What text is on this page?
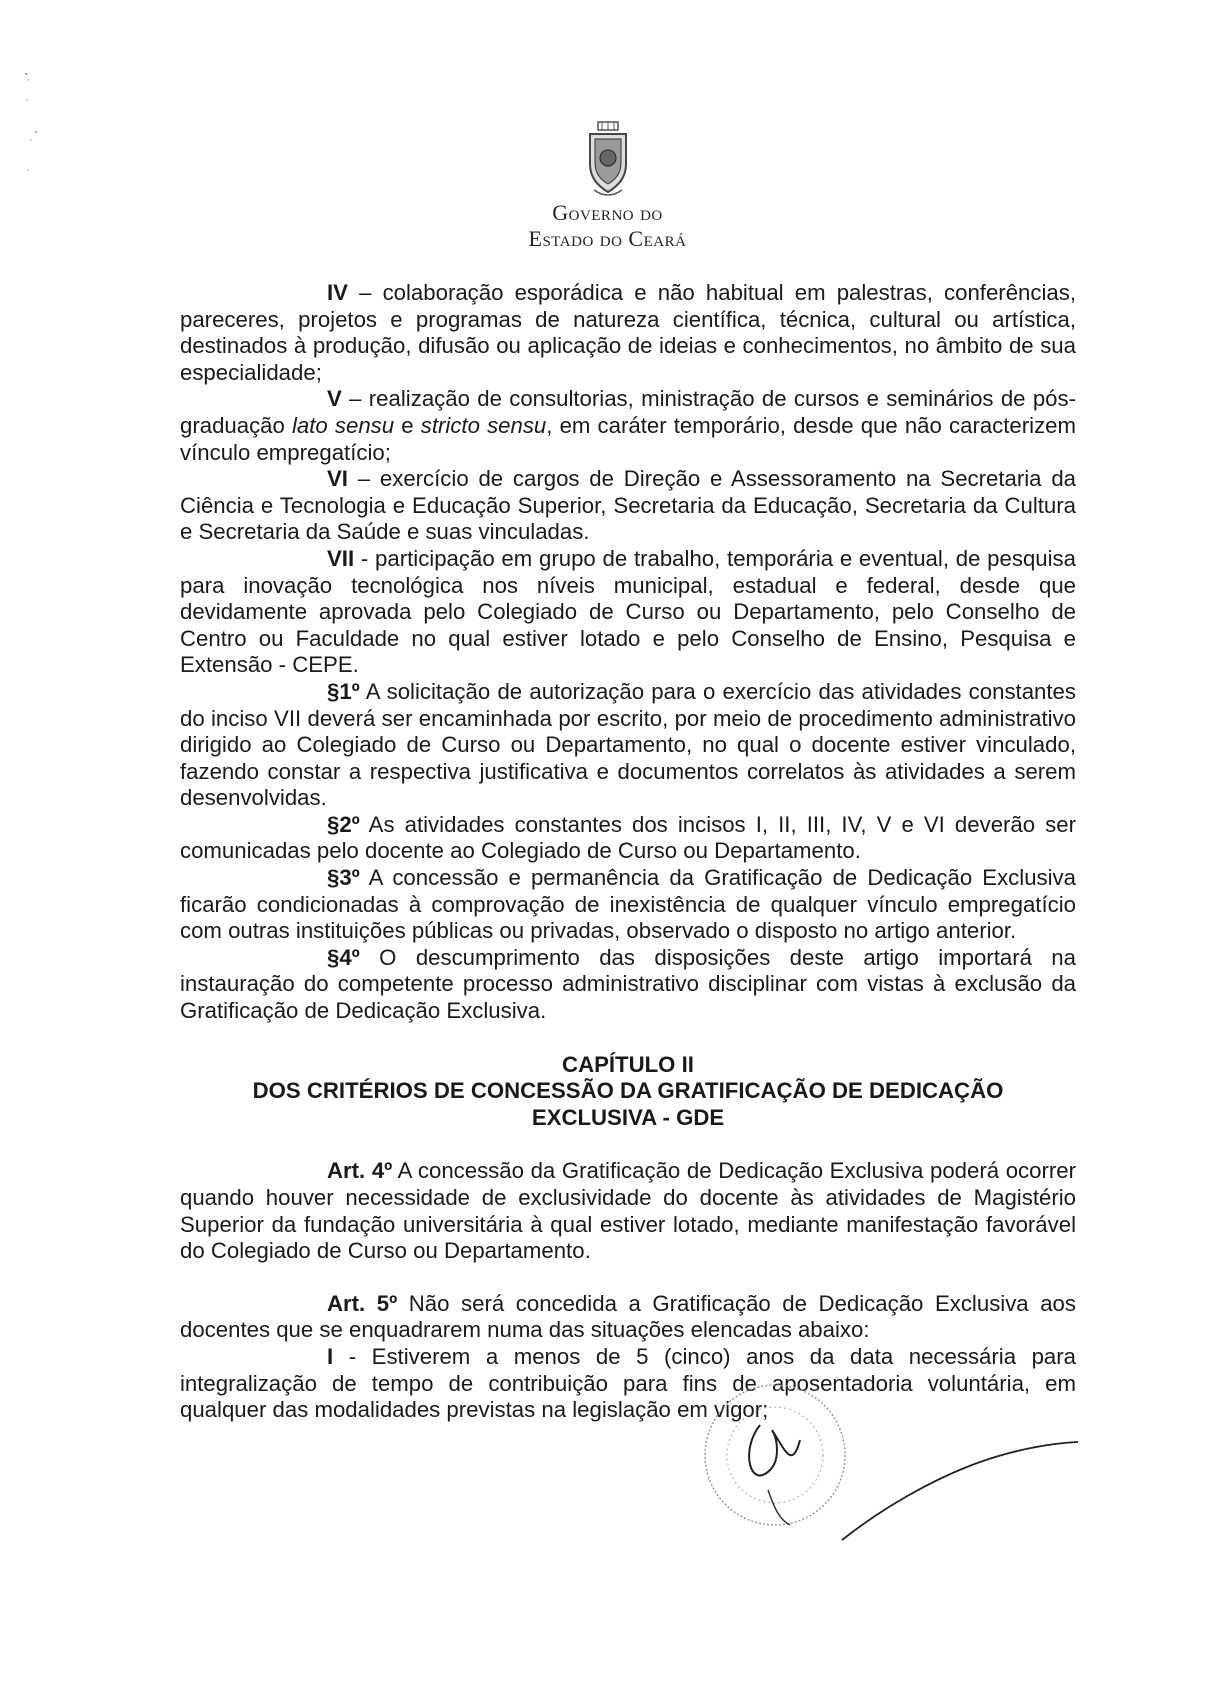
Governo do
Estado do Ceará

IV – colaboração esporádica e não habitual em palestras, conferências, pareceres, projetos e programas de natureza científica, técnica, cultural ou artística, destinados à produção, difusão ou aplicação de ideias e conhecimentos, no âmbito de sua especialidade;

V – realização de consultorias, ministração de cursos e seminários de pós-graduação lato sensu e stricto sensu, em caráter temporário, desde que não caracterizem vínculo empregatício;

VI – exercício de cargos de Direção e Assessoramento na Secretaria da Ciência e Tecnologia e Educação Superior, Secretaria da Educação, Secretaria da Cultura e Secretaria da Saúde e suas vinculadas.

VII - participação em grupo de trabalho, temporária e eventual, de pesquisa para inovação tecnológica nos níveis municipal, estadual e federal, desde que devidamente aprovada pelo Colegiado de Curso ou Departamento, pelo Conselho de Centro ou Faculdade no qual estiver lotado e pelo Conselho de Ensino, Pesquisa e Extensão - CEPE.

§1º A solicitação de autorização para o exercício das atividades constantes do inciso VII deverá ser encaminhada por escrito, por meio de procedimento administrativo dirigido ao Colegiado de Curso ou Departamento, no qual o docente estiver vinculado, fazendo constar a respectiva justificativa e documentos correlatos às atividades a serem desenvolvidas.

§2º As atividades constantes dos incisos I, II, III, IV, V e VI deverão ser comunicadas pelo docente ao Colegiado de Curso ou Departamento.

§3º A concessão e permanência da Gratificação de Dedicação Exclusiva ficarão condicionadas à comprovação de inexistência de qualquer vínculo empregatício com outras instituições públicas ou privadas, observado o disposto no artigo anterior.

§4º O descumprimento das disposições deste artigo importará na instauração do competente processo administrativo disciplinar com vistas à exclusão da Gratificação de Dedicação Exclusiva.

CAPÍTULO II
DOS CRITÉRIOS DE CONCESSÃO DA GRATIFICAÇÃO DE DEDICAÇÃO
EXCLUSIVA - GDE

Art. 4º A concessão da Gratificação de Dedicação Exclusiva poderá ocorrer quando houver necessidade de exclusividade do docente às atividades de Magistério Superior da fundação universitária à qual estiver lotado, mediante manifestação favorável do Colegiado de Curso ou Departamento.

Art. 5º Não será concedida a Gratificação de Dedicação Exclusiva aos docentes que se enquadrarem numa das situações elencadas abaixo:

I - Estiverem a menos de 5 (cinco) anos da data necessária para integralização de tempo de contribuição para fins de aposentadoria voluntária, em qualquer das modalidades previstas na legislação em vigor;
